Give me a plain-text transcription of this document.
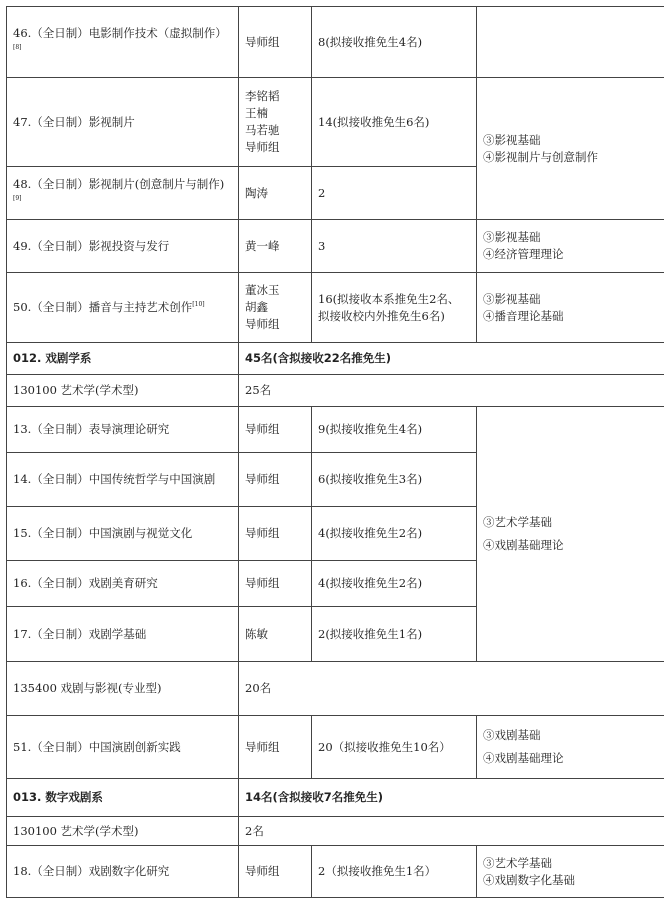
46.（全日制）电影制作技术（虚拟制作）[8]	导师组	8(拟接收推免生4名)	
47.（全日制）影视制片	李铭韬
王楠
马若驰
导师组	14(拟接收推免生6名)	③影视基础
④影视制片与创意制作

48.（全日制）影视制片(创意制片与制作)[9]	陶涛	2	
49.（全日制）影视投资与发行	黄一峰	3	③影视基础
④经济管理理论

50.（全日制）播音与主持艺术创作[10]	董冰玉
胡鑫
导师组	16(拟接收本系推免生2名、拟接收校内外推免生6名)	③影视基础
④播音理论基础

012. 戏剧学系	45名(含拟接收22名推免生)		
130100 艺术学(学术型)	25名		
13.（全日制）表导演理论研究	导师组	9(拟接收推免生4名)	③艺术学基础
④戏剧基础理论

14.（全日制）中国传统哲学与中国演剧	导师组	6(拟接收推免生3名)	
15.（全日制）中国演剧与视觉文化	导师组	4(拟接收推免生2名)	
16.（全日制）戏剧美育研究	导师组	4(拟接收推免生2名)	
17.（全日制）戏剧学基础	陈敏	2(拟接收推免生1名)	
135400 戏剧与影视(专业型)	20名		
51.（全日制）中国演剧创新实践	导师组	20（拟接收推免生10名）	③戏剧基础
④戏剧基础理论

013. 数字戏剧系	14名(含拟接收7名推免生)		
130100 艺术学(学术型)	2名		
18.（全日制）戏剧数字化研究	导师组	2（拟接收推免生1名）	③艺术学基础
④戏剧数字化基础
